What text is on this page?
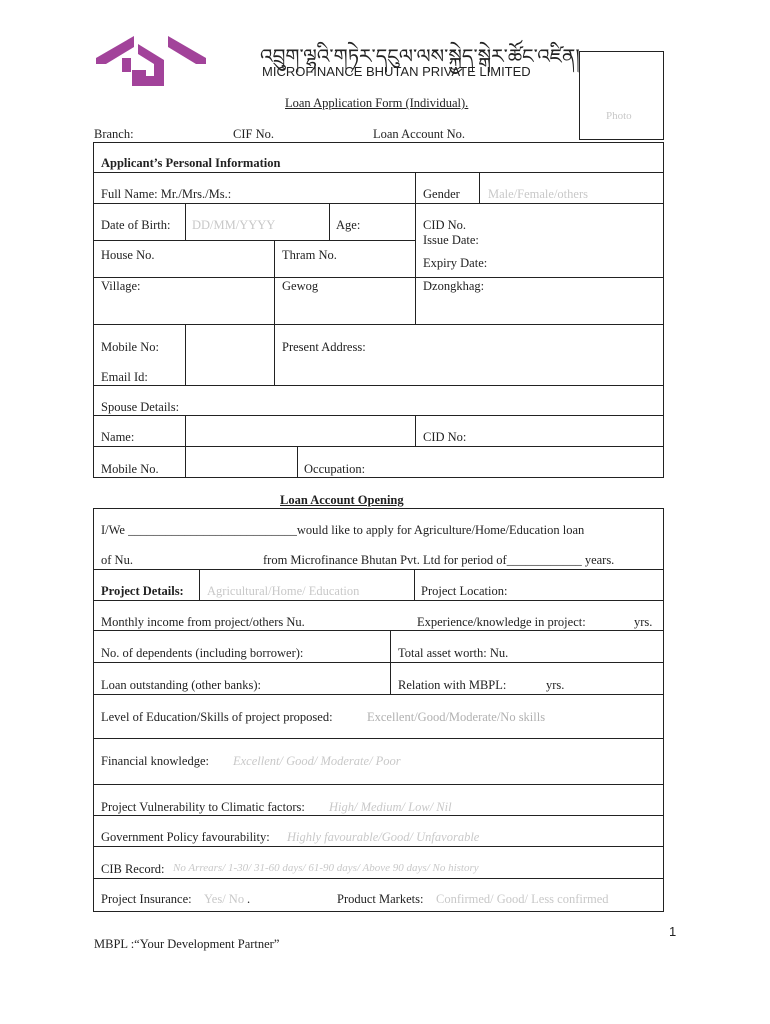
འབྲུག་ལྷའི་གཏེར་དངུལ་ལས་སྐྱེད་སྒེར་ཚོང་འཛིན།
MICROFINANCE BHUTAN PRIVATE LIMITED
Loan Application Form (Individual).
Photo
Branch:	CIF No.	Loan Account No.
Applicant’s Personal Information
Full Name: Mr./Mrs./Ms.:	Gender Male/Female/others
Date of Birth: DD/MM/YYYY	Age:	CID No.
Issue Date:
House No.	Thram No.
Expiry Date:
Village:	Gewog	Dzongkhag:
Mobile No:	Present Address:
Email Id:
Spouse Details:
Name:	CID No:
Mobile No.	Occupation:
Loan Account Opening
I/We ___________________________would like to apply for Agriculture/Home/Education loan
of Nu.	from Microfinance Bhutan Pvt. Ltd for period of____________ years.
Project Details: Agricultural/Home/ Education	Project Location:
Monthly income from project/others Nu.	Experience/knowledge in project:	yrs.
No. of dependents (including borrower):	Total asset worth: Nu.
Loan outstanding (other banks):	Relation with MBPL:	yrs.
Level of Education/Skills of project proposed:	Excellent/Good/Moderate/No skills
Financial knowledge: Excellent/ Good/ Moderate/ Poor
Project Vulnerability to Climatic factors: High/ Medium/ Low/ Nil
Government Policy favourability: Highly favourable/Good/ Unfavorable
CIB Record: No Arrears/ 1-30/ 31-60 days/ 61-90 days/ Above 90 days/ No history
Project Insurance: Yes/ No .	Product Markets: Confirmed/ Good/ Less confirmed
1
MBPL :“Your Development Partner”
